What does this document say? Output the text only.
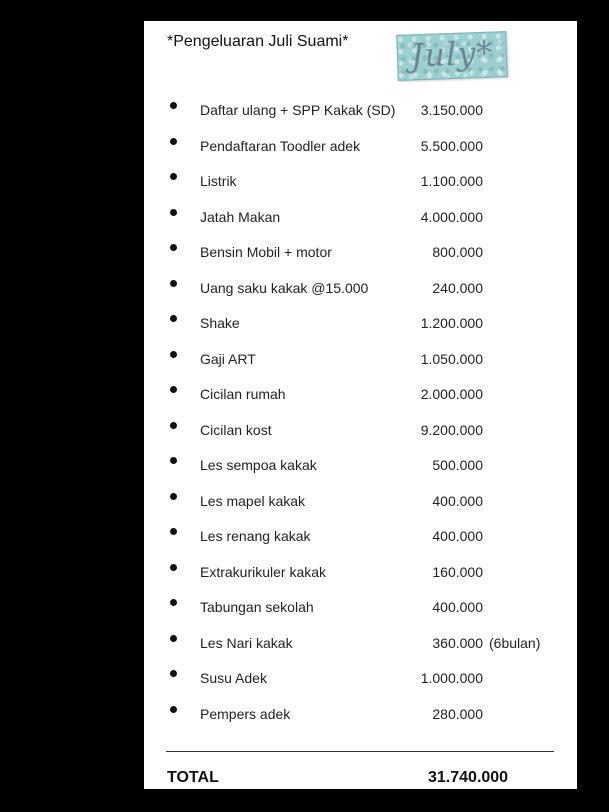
*Pengeluaran Juli Suami*	July*
Daftar ulang + SPP Kakak (SD)	3.150.000
Pendaftaran Toodler adek	5.500.000
Listrik	1.100.000
Jatah Makan	4.000.000
Bensin Mobil + motor	800.000
Uang saku kakak @15.000	240.000
Shake	1.200.000
Gaji ART	1.050.000
Cicilan rumah	2.000.000
Cicilan kost	9.200.000
Les sempoa kakak	500.000
Les mapel kakak	400.000
Les renang kakak	400.000
Extrakurikuler kakak	160.000
Tabungan sekolah	400.000
Les Nari kakak	360.000 (6bulan)
Susu Adek	1.000.000
Pempers adek	280.000
TOTAL	31.740.000
